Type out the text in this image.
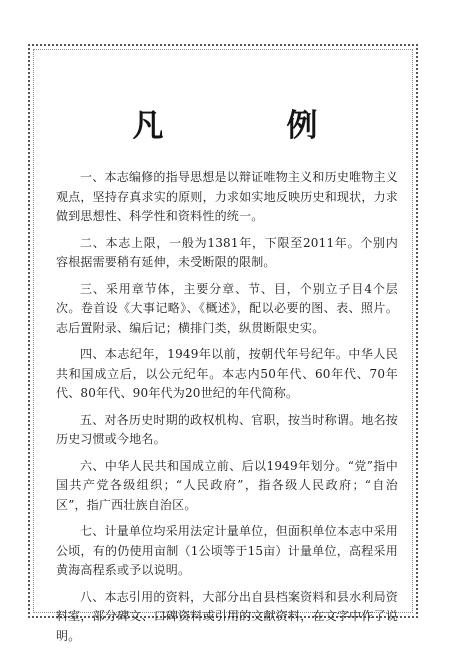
凡　例

一、本志编修的指导思想是以辩证唯物主义和历史唯物主义观点，坚持存真求实的原则，力求如实地反映历史和现状，力求做到思想性、科学性和资料性的统一。

二、本志上限，一般为1381年，下限至2011年。个别内容根据需要稍有延伸，未受断限的限制。

三、采用章节体，主要分章、节、目，个别立子目4个层次。卷首设《大事记略》、《概述》，配以必要的图、表、照片。志后置附录、编后记；横排门类，纵贯断限史实。

四、本志纪年，1949年以前，按朝代年号纪年。中华人民共和国成立后，以公元纪年。本志内50年代、60年代、70年代、80年代、90年代为20世纪的年代简称。

五、对各历史时期的政权机构、官职，按当时称谓。地名按历史习惯或今地名。

六、中华人民共和国成立前、后以1949年划分。“党”指中国共产党各级组织；“人民政府”，指各级人民政府；“自治区”，指广西壮族自治区。

七、计量单位均采用法定计量单位，但面积单位本志中采用公顷，有的仍使用亩制（1公顷等于15亩）计量单位，高程采用黄海高程系或予以说明。

八、本志引用的资料，大部分出自县档案资料和县水利局资料室，部分碑文、口碑资料或引用的文献资料，在文字中作了说明。
